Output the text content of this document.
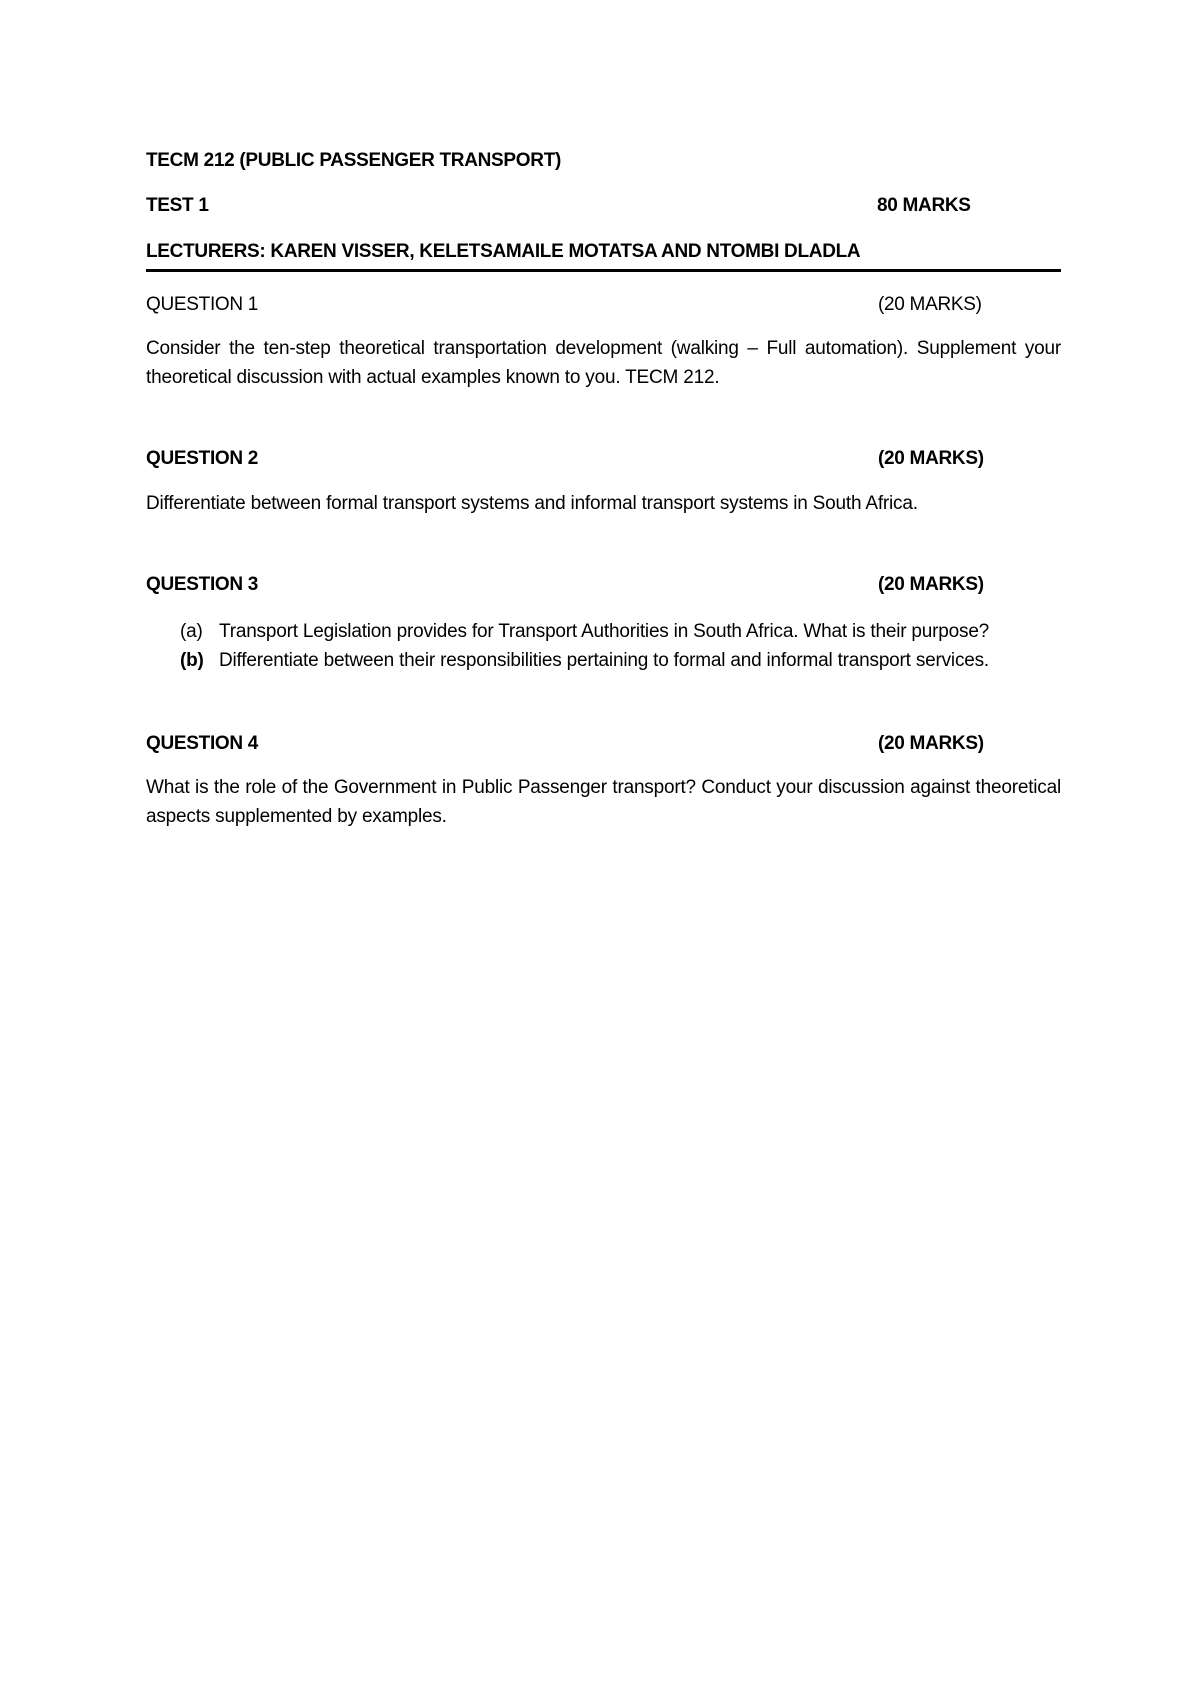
TECM 212 (PUBLIC PASSENGER TRANSPORT)
TEST 1	80 MARKS
LECTURERS: KAREN VISSER, KELETSAMAILE MOTATSA AND NTOMBI DLADLA
QUESTION 1	(20 MARKS)
Consider the ten-step theoretical transportation development (walking – Full automation). Supplement your theoretical discussion with actual examples known to you. TECM 212.
QUESTION 2	(20 MARKS)
Differentiate between formal transport systems and informal transport systems in South Africa.
QUESTION 3	(20 MARKS)
(a) Transport Legislation provides for Transport Authorities in South Africa. What is their purpose?
(b) Differentiate between their responsibilities pertaining to formal and informal transport services.
QUESTION 4	(20 MARKS)
What is the role of the Government in Public Passenger transport? Conduct your discussion against theoretical aspects supplemented by examples.
